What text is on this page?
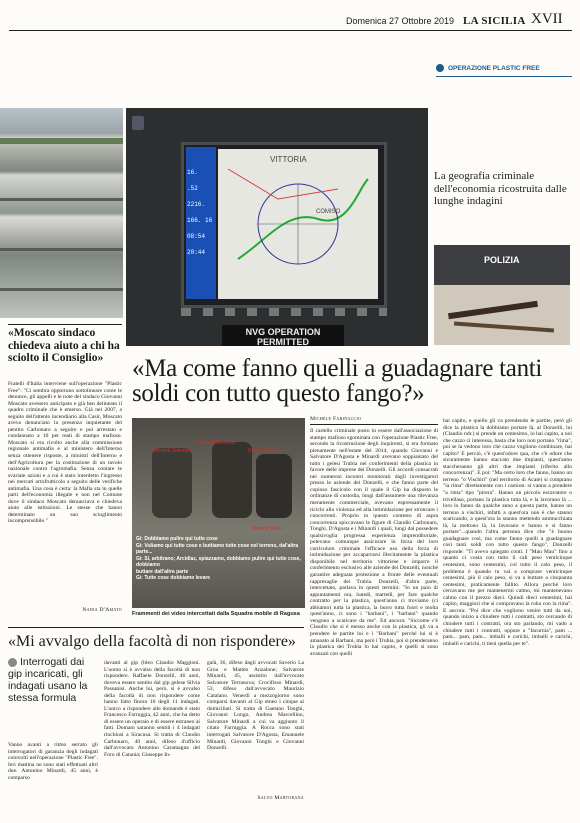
Domenica 27 Ottobre 2019 LA SICILIA XVII
OPERAZIONE PLASTIC FREE
VITTORIA
COMISO
16.
.52
2216.
166. 16
08:54
20:44
NVG OPERATION PERMITTED
La geografia criminale dell'economia ricostruita dalle lunghe indagini
POLIZIA
«Moscato sindaco chiedeva aiuto a chi ha sciolto il Consiglio»
Fratelli d'Italia interviene sull'operazione "Plastic Free": "Ci sembra opportuno sottolineare come le denunce, gli appelli e le note del sindaco Giovanni Moscato avessero anticipato e già ben delineato il quadro criminale che è emerso. Già nel 2007, a seguito dell'attento incendiario alla Casir, Moscato aveva denunciato la presenza inquietante del pentito Carbonaro a seguire e poi arrestato e condannato a 10 per reati di stampo mafioso. Moscato si era rivolto anche alla commissione regionale antimafia e al ministero dell'Interno senza ottenere risposte, a ministri dell'Interno e dell'Agricoltura per la costituzione di un tavolo nazionale contro l'agromafia. Senza contare le svariate azioni e a cui è stato interdetto l'ingresso nei mercati ortofrutticolo a seguito delle verifiche antimafia. Una cosa è certa: la Mafia sta in quelle parti dell'economia illegale e non nel Comune dove il sindaco Moscato denunciava e chiedeva aiuto alle istituzioni. Le stesse che hanno determinato un suo scioglimento incomprensibile."
Nadia D'Amato
«Ma come fanno quelli a guadagnare tanti soldi con tutto questo fango?»
Minardi Salvatore
Minardi Giovanni
Donzelli Claudio
Minardi Carlo
Gi: Dobbiamo pulire qui tutte cose
Gi: Vuliamo qui tutte cose e buttiamo tutte cose nel terreno, dal'altra parte...
Gi: Si, arbitrano; Arcidiaz, spiazzamo, dobbiamo pulire qui tutte cose, dobbiamo
buttare dall'altra parte
Gi: Tutte cose dobbiamo levare
Frammenti dei video intercettati dalla Squadra mobile di Ragusa
Michele Farinaccio
Il cartello criminale posto in essere dall'associazione di stampo mafioso sgominata con l'operazione Plastic Free, secondo la ricostruzione degli inquirenti, si era formato pienamente nell'estate del 2014, quando Giovanni e Salvatore D'Agosta e Minardi avevano soppiantato del tutto i gelesi Trubia nel conferimenti della plastica in favore delle imprese dei Donzelli. Gli accordi consacrati nei numerosi incontri monitorati dagli investigatori presso le aziende dei Donzelli, e che fanno parte del copioso fascicolo con il quale il Gip ha disposto le ordinanze di custodia, lungi dall'assumere una rilevanza meramente commerciale, avevano espressamente il riciclo alla violenza ed alla intimidazione per stroncare i concorrenti. Proprio in questo contesto di aspra concorrenza spiccavano le figure di Claudio Carbonaro, Tonghi, D'Agosta e i Minardi i quali, lungi dal possedere qualsivoglia progressa esperienza imprenditoriale, potevano comunque assicurare in forza del loro curriculum criminale l'efficace uso della forza di intimidazione per accaparrarsi illecitamente la plastica disponibile nel territorio vittoriese e imporre il conferimento esclusivo alle aziende dei Donzelli, nonché garantire adeguata protezione a fronte delle eventuali rappresaglie dei Trubia. Donzelli, d'altra parte, intercettato, parlava in questi termini: "Io un paio di appuntamenti ora, lunedì, martedì, per fare qualche contratto per la plastica, quest'anno ci troviamo (ci abbiamo) tutta la plastica, la burro tutta fuori e molta quest'anno, ci sono i "barbani", i "barbani" quando vengono a scaricare da me". Ed ancora: "Siccome c'è Claudio che si è messo anche con la plastica, gli va a prendere le partite lui e i "Barbani" perché lui si è amanato ai Barbani, ma però i Trubia, poi si prenderanno la plastica dei Trubia lo hai capito, e quelli si sono avanzati con quelli
hai capito, e quello gli va prendendo le partite, però gli dice la plastica la dobbiamo portare là, al Donzelli, lui (Claudio ndr.) si prende un centesimo, lo hai capito, a noi che cazzo ci interessa, basta che loro non portano "rima", poi se la vedono loro che cazzo vogliono combinare, hai capito? E perciò, c'è quest'odore qua, che c'è odore che sicuramente hanno staccato due impianti, quest'anno staccheranno gli altri due impianti (riferito allo concorrenza)". E poi: "Ma certo loro che fanno, hanno un terreno "o Vischiri" (nel territorio di Acate) si comprano "la rima" direttamente con i camion: si vanno a prendere "a rima" tipo "pirera". Hanno un piccolo escavatore o trivellaso, portano la plastica tutta là, e la lavorano là ... loro lo fanno da qualche anno a questa parte, hanno un terreno a vischiri, infatti a quest'ora non è che stanno scaricando, a quest'ora la stanno mettendo ammucchiata là, la mettono là, la lavorano e hanno e si fanno portare"...quando l'altra persona dice che "è buono guadagnare così, ma come fanno quelli a guadagnare così tanti soldi con tutto questo fango", Donzelli risponde: "Ti avevo spiegato conti. I "Mau Mau" fino a quanto ci costa con tutto il cali peso venticinque centesimi, sono centesimi, col tutto il calo peso, il problema è quando tu vai a comprare venticinque centesimi, più il calo peso, si va a buttare a cinquanta centesimi, praticamente fallito. Allora perché loro cercavano me per mantenermi calmo, mi mantenevano calmo con il prezzo dieci. Quindi dieci centesimi, hai capito, maggiori che si compravano la roba con la rima". E ancora: "Poi dice che vogliono venire tutti da noi, quando inizio a chiudere tutti i contratti, sto cercando di chiudere tutti i contratti, ora sto parlando, mi vado a chiudere tutti i contratti, oppure a "facurnia", pam ... pam... pam, pam... imballi e carichi, imballi e carichi, imballi e carichi, ti tieni quella per te".
«Mi avvalgo della facoltà di non rispondere»
Interrogati dai gip incaricati, gli indagati usano la stessa formula
Vanno avanti a ritmo serrato gli interrogatori di garanzia degli indagati coinvolti nell'operazione "Plastic Free". Ieri mattina ne sono stati effettuati altri due. Antonino Minardi, 45 anni, è comparso
davanti al gip (bleo Claudio Maggioni. L'uomo si è avvalso della facoltà di non rispondere. Raffaele Donzelli, 46 anni, doveva essere sentito dal gip gelese Silvia Passanisi. Anche lui, però, si è avvalso della facoltà di non rispondere come hanno fatto finora 10 degli 11 indagati. L'unico a rispondere alle domande è stato Francesco Farruggia, 42 anni, che ha detto di essere un operaio e di essere estraneo ai fatti. Domani saranno sentiti i 4 indagati rinchiusi a Siracusa. Si tratta di Claudio Carbonaro, 40 anni, difeso d'ufficio dall'avvocato Antonino Caramagna del Foro di Catania; Giuseppe In-
galà, 36, difeso dagli avvocati Saverio La Grua e Matteo Anzalone; Salvatore Minardi, 45, assistito dall'avvocato Salvatore Terranova; Crocifisso Minardi, 53, difeso dall'avvocato Maurizio Catalano. Venerdì a mezzogiorno sono comparsi davanti al Gip etneo i cinque ai domiciliari. Si tratta di Gaetano Tonghi, Giovanni Longo, Andrea Marcellino, Salvatore Minardi a cui va aggiunto il citato Farruggia. A Rocca sono stati interrogati Salvatore D'Agosta, Emanuele Minardi, Giovanni Tonghi e Giovanni Donzelli.
Salvo Martorana
